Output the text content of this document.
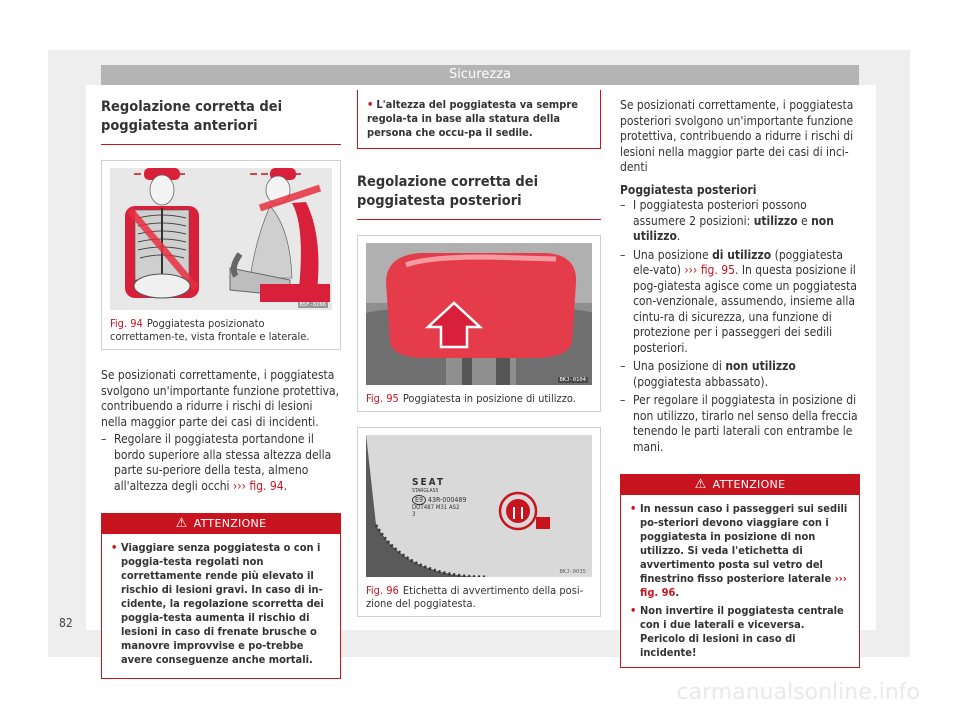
Sicurezza
Regolazione corretta dei poggiatesta anteriori
B5F-0286
Fig. 94 Poggiatesta posizionato correttamen-te, vista frontale e laterale.

Se posizionati correttamente, i poggiatesta svolgono un'importante funzione protettiva, contribuendo a ridurre i rischi di lesioni nella maggior parte dei casi di incidenti.

– Regolare il poggiatesta portandone il bordo superiore alla stessa altezza della parte su-periore della testa, almeno all'altezza degli occhi ››› fig. 94.
⚠ ATTENZIONE
• Viaggiare senza poggiatesta o con i poggia-testa regolati non correttamente rende più elevato il rischio di lesioni gravi. In caso di in-cidente, la regolazione scorretta dei poggia-testa aumenta il rischio di lesioni in caso di frenate brusche o manovre improvvise e po-trebbe avere conseguenze anche mortali.
• L'altezza del poggiatesta va sempre regola-ta in base alla statura della persona che occu-pa il sedile.
Regolazione corretta dei poggiatesta posteriori
BKJ-0104
Fig. 95 Poggiatesta in posizione di utilizzo.
SEAT
STARGLASS
E9 43R-000489
DOT487 M31 AS2
3
BKJ-0035
Fig. 96 Etichetta di avvertimento della posi-zione del poggiatesta.

Se posizionati correttamente, i poggiatesta posteriori svolgono un'importante funzione protettiva, contribuendo a ridurre i rischi di lesioni nella maggior parte dei casi di inci-denti

Poggiatesta posteriori

– I poggiatesta posteriori possono assumere 2 posizioni: utilizzo e non utilizzo.
– Una posizione di utilizzo (poggiatesta ele-vato) ››› fig. 95. In questa posizione il pog-giatesta agisce come un poggiatesta con-venzionale, assumendo, insieme alla cintu-ra di sicurezza, una funzione di protezione per i passeggeri dei sedili posteriori.
– Una posizione di non utilizzo (poggiatesta abbassato).
– Per regolare il poggiatesta in posizione di non utilizzo, tirarlo nel senso della freccia tenendo le parti laterali con entrambe le mani.
⚠ ATTENZIONE
• In nessun caso i passeggeri sui sedili po-steriori devono viaggiare con i poggiatesta in posizione di non utilizzo. Si veda l'etichetta di avvertimento posta sul vetro del finestrino fisso posteriore laterale ››› fig. 96.
• Non invertire il poggiatesta centrale con i due laterali e viceversa. Pericolo di lesioni in caso di incidente!
82
carmanualsonline.info
